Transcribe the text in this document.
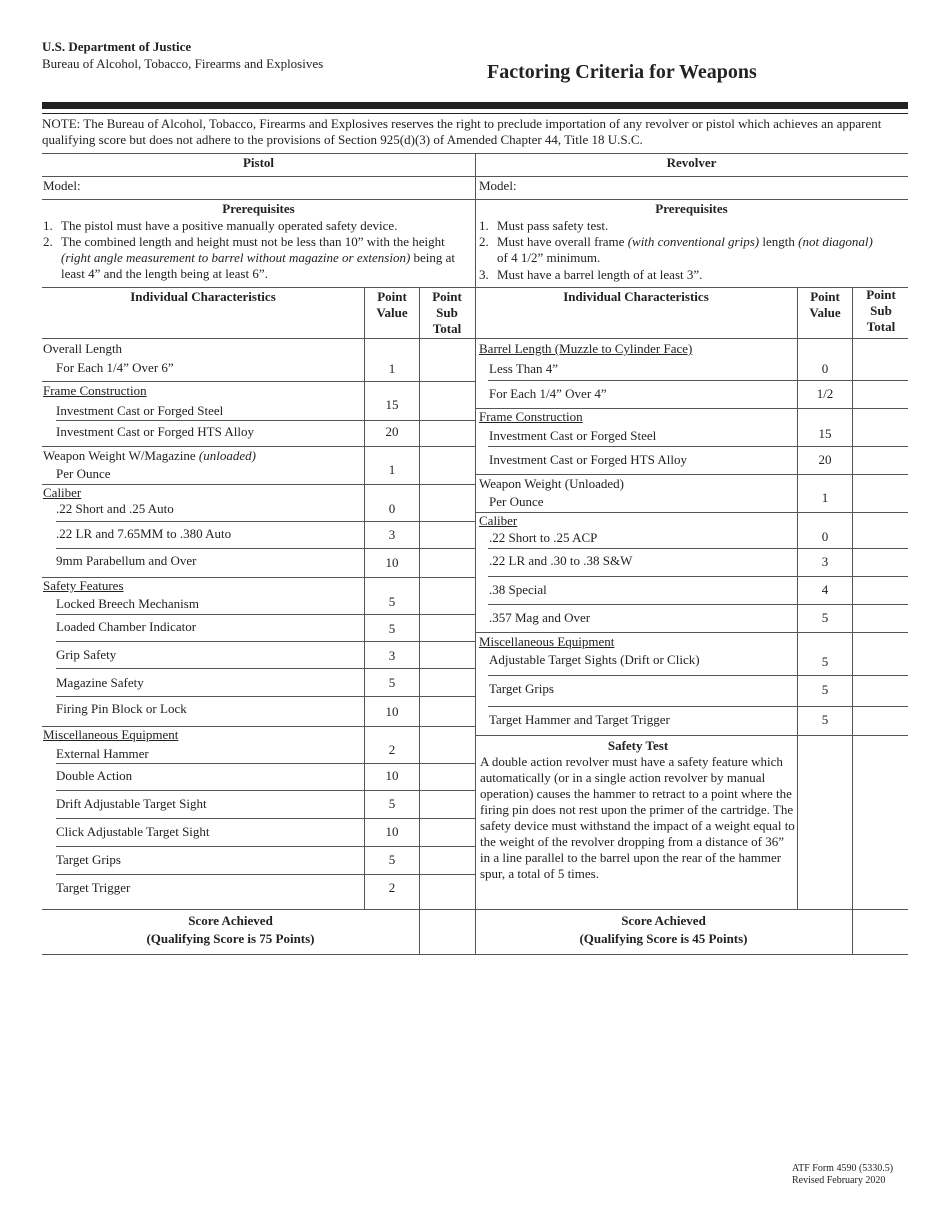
U.S. Department of Justice
Bureau of Alcohol, Tobacco, Firearms and Explosives	Factoring Criteria for Weapons
NOTE: The Bureau of Alcohol, Tobacco, Firearms and Explosives reserves the right to preclude importation of any revolver or pistol which achieves an apparent qualifying score but does not adhere to the provisions of Section 925(d)(3) of Amended Chapter 44, Title 18 U.S.C.
Pistol
Model:
Prerequisites
1. The pistol must have a positive manually operated safety device.
2. The combined length and height must not be less than 10” with the height (right angle measurement to barrel without magazine or extension) being at least 4” and the length being at least 6”.
Individual Characteristics	Point Value
Point Sub Total
Overall Length
For Each 1/4” Over 6”	1
Frame Construction
Investment Cast or Forged Steel	15
Investment Cast or Forged HTS Alloy	20
Weapon Weight W/Magazine (unloaded)
Per Ounce	1
Caliber
.22 Short and .25 Auto	0
.22 LR and 7.65MM to .380 Auto	3
9mm Parabellum and Over	10
Safety Features
Locked Breech Mechanism	5
Loaded Chamber Indicator	5
Grip Safety	3
Magazine Safety	5
Firing Pin Block or Lock	10
Miscellaneous Equipment
External Hammer	2
Double Action	10
Drift Adjustable Target Sight	5
Click Adjustable Target Sight	10
Target Grips	5
Target Trigger	2
Score Achieved
(Qualifying Score is 75 Points)
Revolver
Model:
Prerequisites
1. Must pass safety test.
2. Must have overall frame (with conventional grips) length (not diagonal)
of 4 1/2” minimum.
3. Must have a barrel length of at least 3”.
Individual Characteristics	Point Value
Point Sub Total
Barrel Length (Muzzle to Cylinder Face)
Less Than 4”	0
For Each 1/4” Over 4”	1/2
Frame Construction
Investment Cast or Forged Steel	15
Investment Cast or Forged HTS Alloy	20
Weapon Weight (Unloaded)
Per Ounce	1
Caliber
.22 Short to .25 ACP	0
.22 LR and .30 to .38 S&W	3
.38 Special	4
.357 Mag and Over	5
Miscellaneous Equipment
Adjustable Target Sights (Drift or Click)	5
Target Grips	5
Target Hammer and Target Trigger	5
Safety Test
A double action revolver must have a safety feature which automatically (or in a single action revolver by manual operation) causes the hammer to retract to a point where the firing pin does not rest upon the primer of the cartridge. The safety device must withstand the impact of a weight equal to the weight of the revolver dropping from a distance of 36” in a line parallel to the barrel upon the rear of the hammer spur, a total of 5 times.
Score Achieved
(Qualifying Score is 45 Points)
ATF Form 4590 (5330.5)
Revised February 2020
